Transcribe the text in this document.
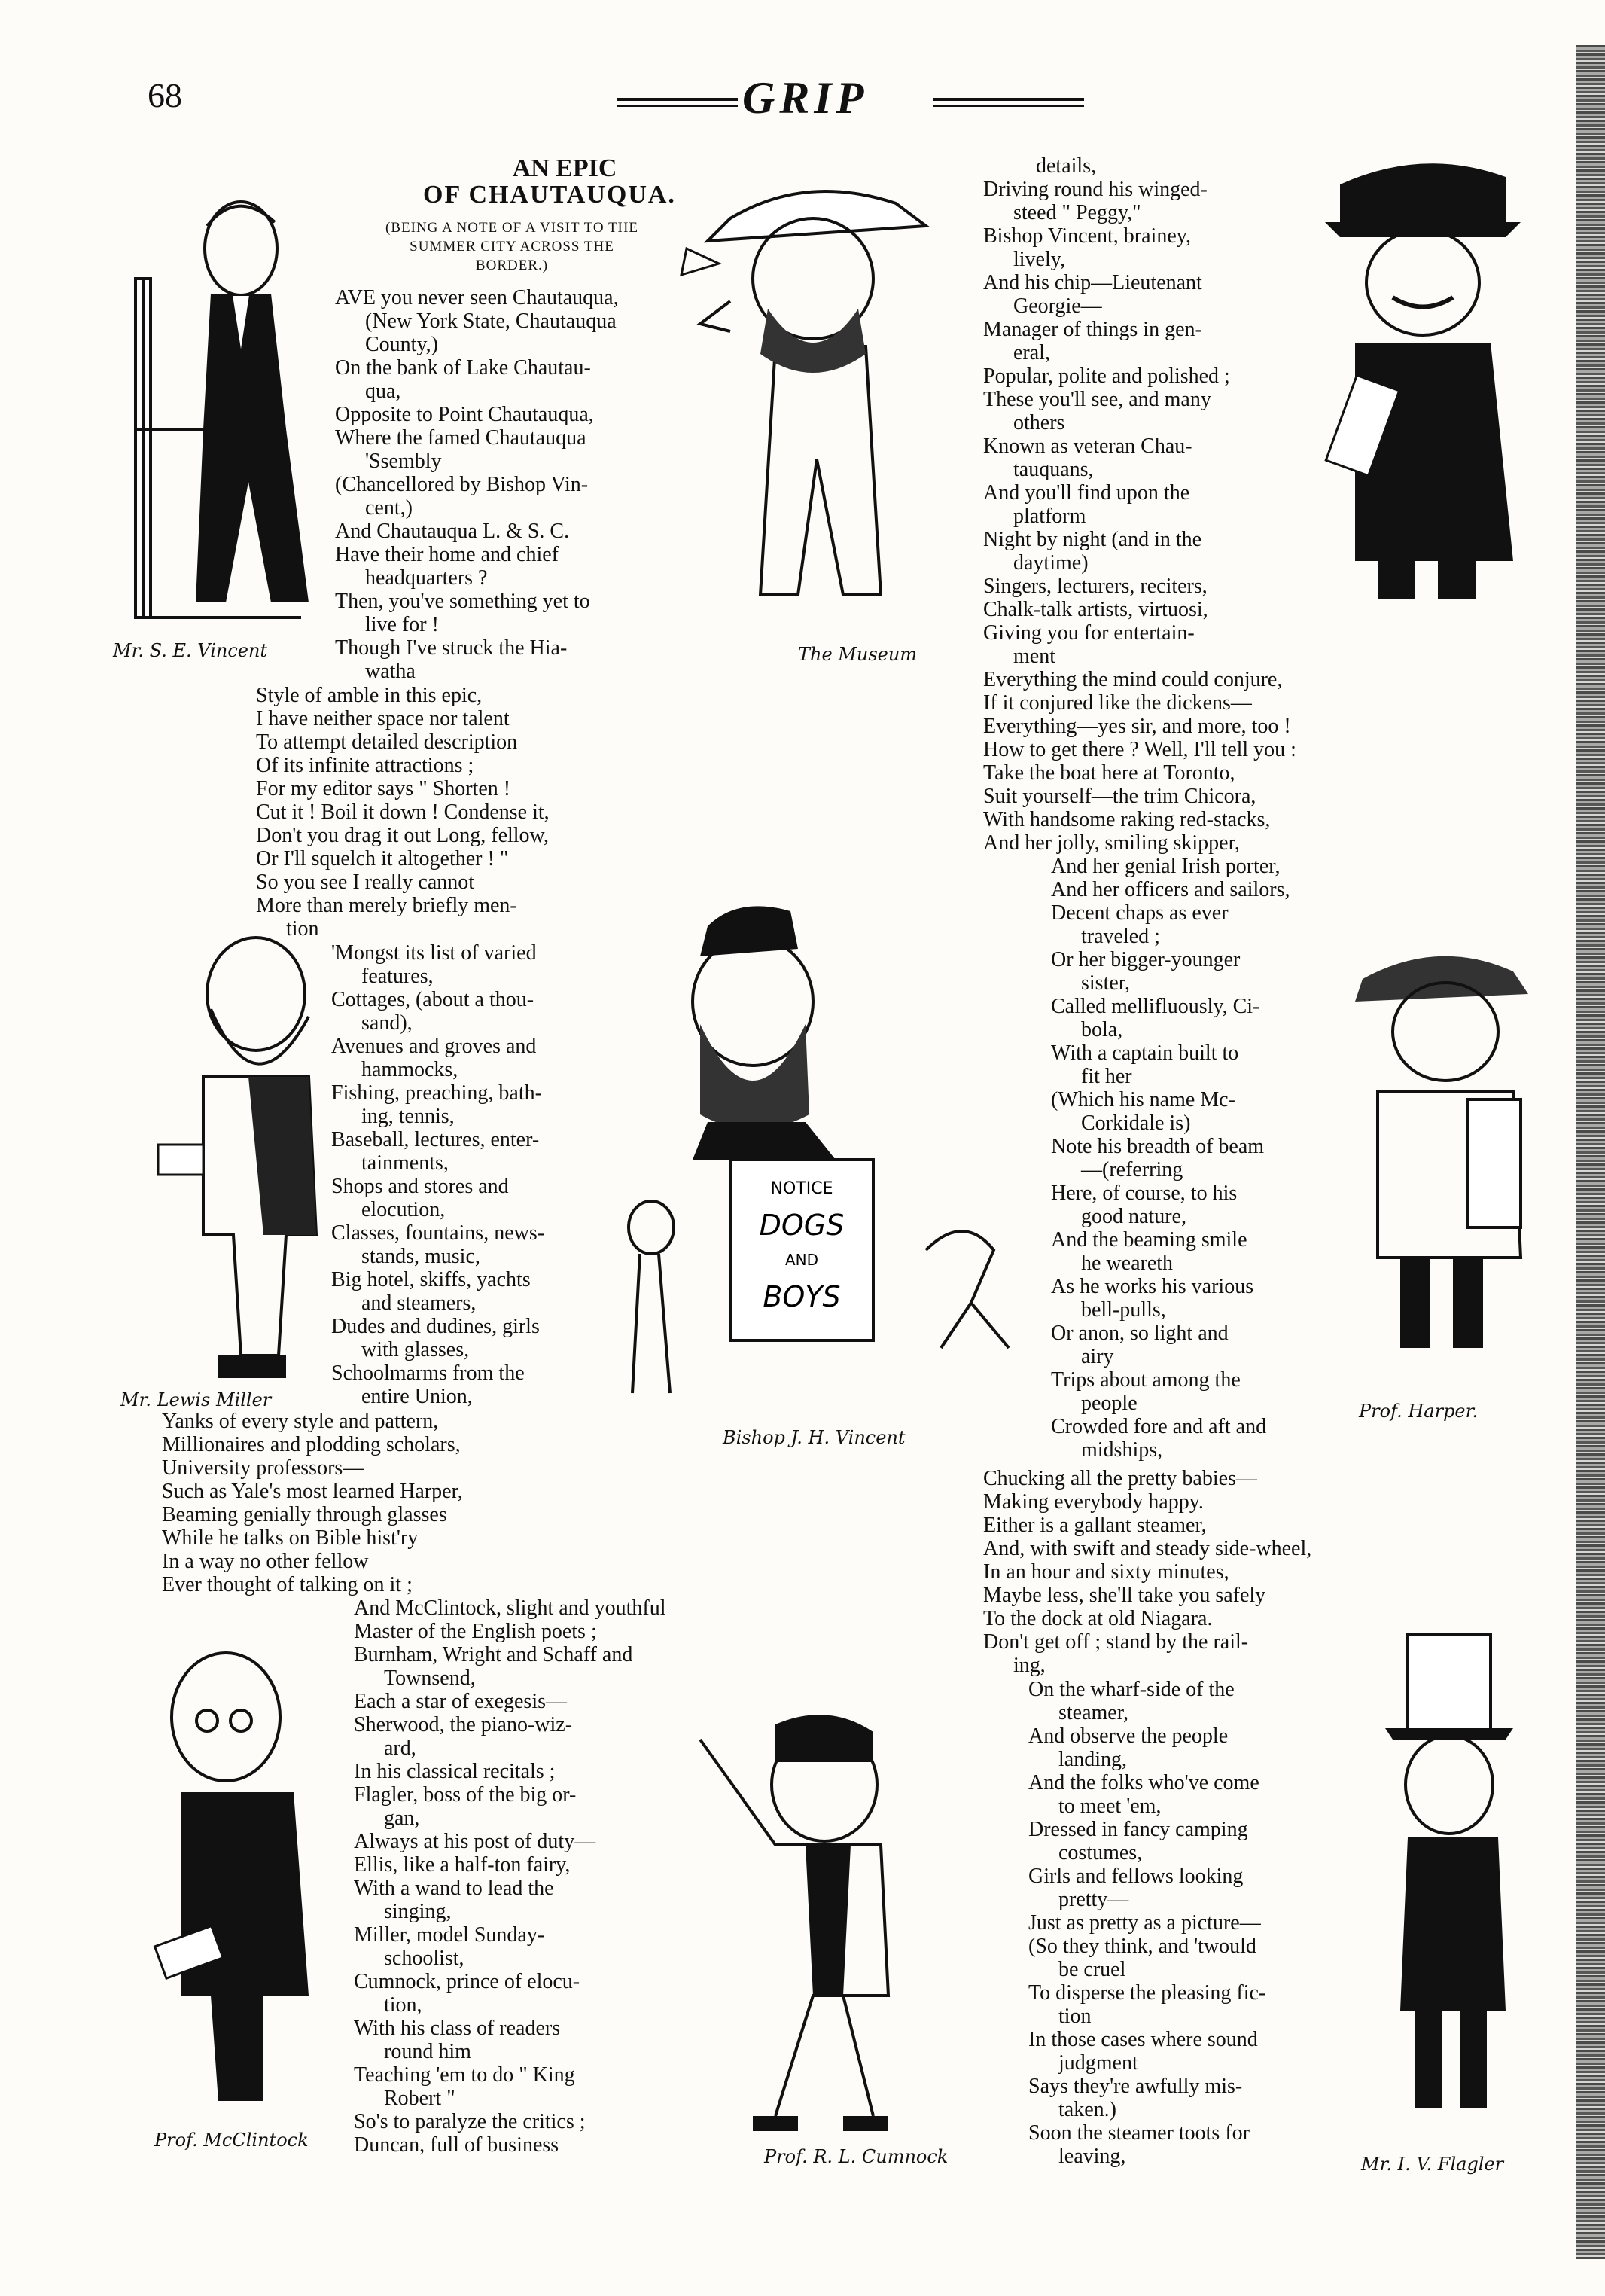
68	GRIP
AN EPIC
OF CHAUTAUQUA.
(BEING A NOTE OF A VISIT TO THE
SUMMER CITY ACROSS THE
BORDER.)
AVE you never seen Chautauqua,
(New York State, Chautauqua
County,)
On the bank of Lake Chautau-
qua,
Opposite to Point Chautauqua,
Where the famed Chautauqua
'Ssembly
(Chancellored by Bishop Vin-
cent,)
And Chautauqua L. & S. C.
Have their home and chief
headquarters ?
Then, you've something yet to
live for !
Though I've struck the Hia-
watha
Style of amble in this epic,
I have neither space nor talent
To attempt detailed description
Of its infinite attractions ;
For my editor says " Shorten !
Cut it ! Boil it down ! Condense it,
Don't you drag it out Long, fellow,
Or I'll squelch it altogether ! "
So you see I really cannot
More than merely briefly men-
tion
'Mongst its list of varied
features,
Cottages, (about a thou-
sand),
Avenues and groves and
hammocks,
Fishing, preaching, bath-
ing, tennis,
Baseball, lectures, enter-
tainments,
Shops and stores and
elocution,
Classes, fountains, news-
stands, music,
Big hotel, skiffs, yachts
and steamers,
Dudes and dudines, girls
with glasses,
Schoolmarms from the
entire Union,
Yanks of every style and pattern,
Millionaires and plodding scholars,
University professors—
Such as Yale's most learned Harper,
Beaming genially through glasses
While he talks on Bible hist'ry
In a way no other fellow
Ever thought of talking on it ;
And McClintock, slight and youthful
Master of the English poets ;
Burnham, Wright and Schaff and
Townsend,
Each a star of exegesis—
Sherwood, the piano-wiz-
ard,
In his classical recitals ;
Flagler, boss of the big or-
gan,
Always at his post of duty—
Ellis, like a half-ton fairy,
With a wand to lead the
singing,
Miller, model Sunday-
schoolist,
Cumnock, prince of elocu-
tion,
With his class of readers
round him
Teaching 'em to do " King
Robert "
So's to paralyze the critics ;
Duncan, full of business
details,
Driving round his winged-
steed " Peggy,"
Bishop Vincent, brainey,
lively,
And his chip—Lieutenant
Georgie—
Manager of things in gen-
eral,
Popular, polite and polished ;
These you'll see, and many
others
Known as veteran Chau-
tauquans,
And you'll find upon the
platform
Night by night (and in the
daytime)
Singers, lecturers, reciters,
Chalk-talk artists, virtuosi,
Giving you for entertain-
ment
Everything the mind could conjure,
If it conjured like the dickens—
Everything—yes sir, and more, too !
How to get there ? Well, I'll tell you :
Take the boat here at Toronto,
Suit yourself—the trim Chicora,
With handsome raking red-stacks,
And her jolly, smiling skipper,
And her genial Irish porter,
And her officers and sailors,
Decent chaps as ever
traveled ;
Or her bigger-younger
sister,
Called mellifluously, Ci-
bola,
With a captain built to
fit her
(Which his name Mc-
Corkidale is)
Note his breadth of beam
—(referring
Here, of course, to his
good nature,
And the beaming smile
he weareth
As he works his various
bell-pulls,
Or anon, so light and
airy
Trips about among the
people
Crowded fore and aft and
midships,
Chucking all the pretty babies—
Making everybody happy.
Either is a gallant steamer,
And, with swift and steady side-wheel,
In an hour and sixty minutes,
Maybe less, she'll take you safely
To the dock at old Niagara.
Don't get off ; stand by the rail-
ing,
On the wharf-side of the
steamer,
And observe the people
landing,
And the folks who've come
to meet 'em,
Dressed in fancy camping
costumes,
Girls and fellows looking
pretty—
Just as pretty as a picture—
(So they think, and 'twould
be cruel
To disperse the pleasing fic-
tion
In those cases where sound
judgment
Says they're awfully mis-
taken.)
Soon the steamer toots for
leaving,
Mr. S. E. Vincent	The Museum
Mr. Lewis Miller
NOTICE
DOGS
AND
BOYS
Bishop J. H. Vincent
Prof. Harper.
Prof. McClintock
Prof. R. L. Cumnock	Mr. I. V. Flagler
